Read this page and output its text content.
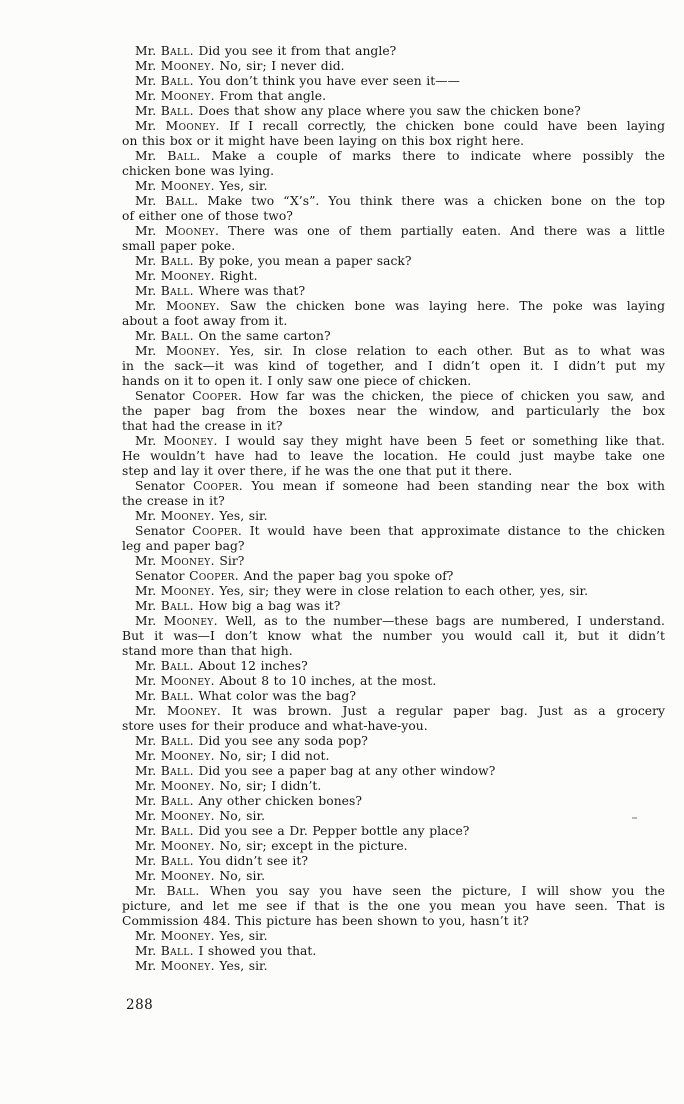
Mr. Ball. Did you see it from that angle?
Mr. Mooney. No, sir; I never did.
Mr. Ball. You don’t think you have ever seen it——
Mr. Mooney. From that angle.
Mr. Ball. Does that show any place where you saw the chicken bone?
Mr. Mooney. If I recall correctly, the chicken bone could have been laying
on this box or it might have been laying on this box right here.
Mr. Ball. Make a couple of marks there to indicate where possibly the
chicken bone was lying.
Mr. Mooney. Yes, sir.
Mr. Ball. Make two “X’s”. You think there was a chicken bone on the top
of either one of those two?
Mr. Mooney. There was one of them partially eaten. And there was a little
small paper poke.
Mr. Ball. By poke, you mean a paper sack?
Mr. Mooney. Right.
Mr. Ball. Where was that?
Mr. Mooney. Saw the chicken bone was laying here. The poke was laying
about a foot away from it.
Mr. Ball. On the same carton?
Mr. Mooney. Yes, sir. In close relation to each other. But as to what was
in the sack—it was kind of together, and I didn’t open it. I didn’t put my
hands on it to open it. I only saw one piece of chicken.
Senator Cooper. How far was the chicken, the piece of chicken you saw, and
the paper bag from the boxes near the window, and particularly the box
that had the crease in it?
Mr. Mooney. I would say they might have been 5 feet or something like that.
He wouldn’t have had to leave the location. He could just maybe take one
step and lay it over there, if he was the one that put it there.
Senator Cooper. You mean if someone had been standing near the box with
the crease in it?
Mr. Mooney. Yes, sir.
Senator Cooper. It would have been that approximate distance to the chicken
leg and paper bag?
Mr. Mooney. Sir?
Senator Cooper. And the paper bag you spoke of?
Mr. Mooney. Yes, sir; they were in close relation to each other, yes, sir.
Mr. Ball. How big a bag was it?
Mr. Mooney. Well, as to the number—these bags are numbered, I understand.
But it was—I don’t know what the number you would call it, but it didn’t
stand more than that high.
Mr. Ball. About 12 inches?
Mr. Mooney. About 8 to 10 inches, at the most.
Mr. Ball. What color was the bag?
Mr. Mooney. It was brown. Just a regular paper bag. Just as a grocery
store uses for their produce and what-have-you.
Mr. Ball. Did you see any soda pop?
Mr. Mooney. No, sir; I did not.
Mr. Ball. Did you see a paper bag at any other window?
Mr. Mooney. No, sir; I didn’t.
Mr. Ball. Any other chicken bones?
Mr. Mooney. No, sir.
Mr. Ball. Did you see a Dr. Pepper bottle any place?
Mr. Mooney. No, sir; except in the picture.
Mr. Ball. You didn’t see it?
Mr. Mooney. No, sir.
Mr. Ball. When you say you have seen the picture, I will show you the
picture, and let me see if that is the one you mean you have seen. That is
Commission 484. This picture has been shown to you, hasn’t it?
Mr. Mooney. Yes, sir.
Mr. Ball. I showed you that.
Mr. Mooney. Yes, sir.
288
